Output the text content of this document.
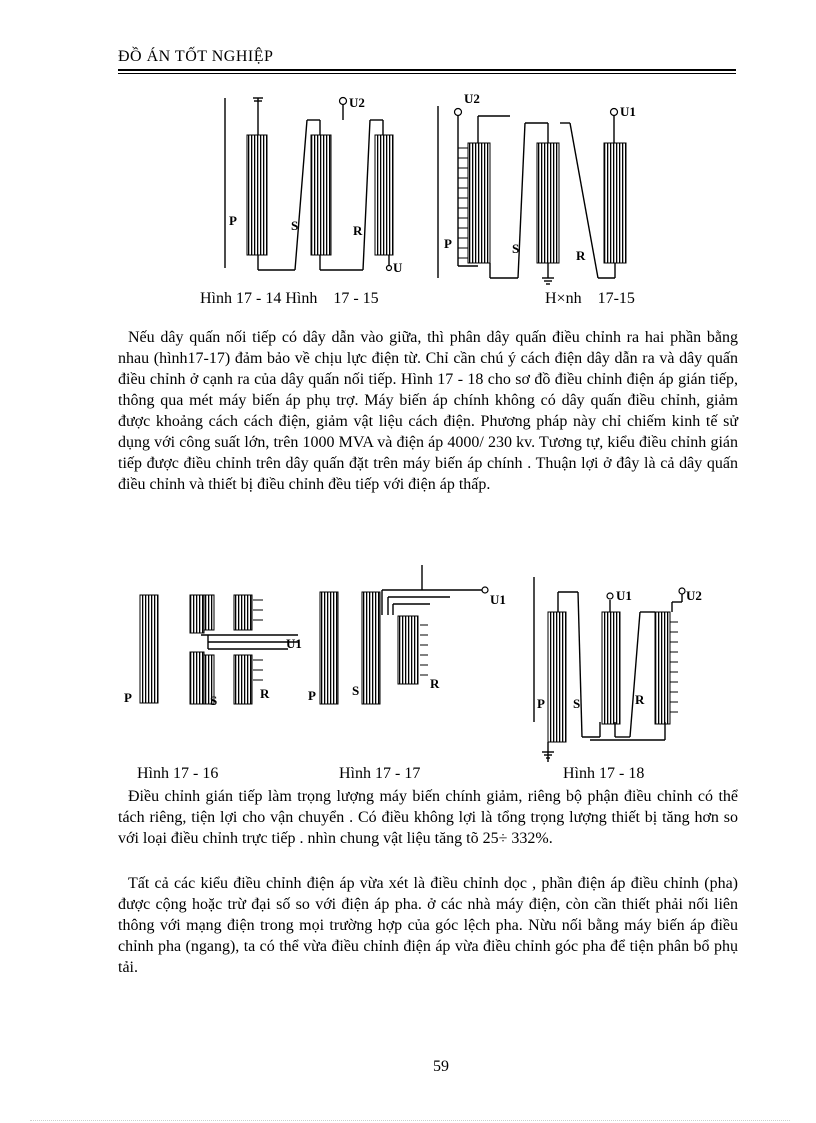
ĐỒ ÁN TỐT NGHIỆP
P	S	R
U2
U
U2
U1
P	S	R
Hình 17 - 14 Hình    17 - 15	H×nh    17-15

Nếu dây quấn nối tiếp có dây dẫn vào giữa, thì phân dây quấn điều chỉnh ra hai phần bằng nhau (hình17-17) đảm bảo về chịu lực điện từ. Chỉ cần chú ý cách điện dây dẫn ra và dây quấn điều chỉnh ở cạnh ra của dây quấn nối tiếp. Hình 17 - 18 cho sơ đồ điều chỉnh điện áp gián tiếp, thông qua mét máy biến áp phụ trợ. Máy biến áp chính không có dây quấn điều chỉnh, giảm được khoảng cách cách điện, giảm vật liệu cách điện. Phương pháp này chỉ chiếm kinh tế sử dụng với công suất lớn, trên 1000 MVA và điện áp 4000/ 230 kv. Tương tự, kiểu điều chỉnh gián tiếp được điều chỉnh trên dây quấn đặt trên máy biến áp chính . Thuận lợi ở đây là cả dây quấn điều chỉnh và thiết bị điều chỉnh đều tiếp với điện áp thấp.

P	S	R
U1
P	S	R
U1
P S	R
U1	U2
Hình 17 - 16	Hình 17 - 17	Hình 17 - 18

Điều chỉnh gián tiếp làm trọng lượng máy biến chính giảm, riêng bộ phận điều chỉnh có thể tách riêng, tiện lợi cho vận chuyển . Có điều không lợi là tổng trọng lượng thiết bị tăng hơn so với loại điều chỉnh trực tiếp . nhìn chung vật liệu tăng tõ 25÷ 332%.

Tất cả các kiểu điều chỉnh điện áp vừa xét là điều chỉnh dọc , phần điện áp điều chỉnh (pha) được cộng hoặc trừ đại số so với điện áp pha. ở các nhà máy điện, còn cần thiết phải nối liên thông với mạng điện trong mọi trường hợp của góc lệch pha. Nừu nối bằng máy biến áp điều chỉnh pha (ngang), ta có thể vừa điều chỉnh điện áp vừa điều chỉnh góc pha để tiện phân bổ phụ tải.

59
